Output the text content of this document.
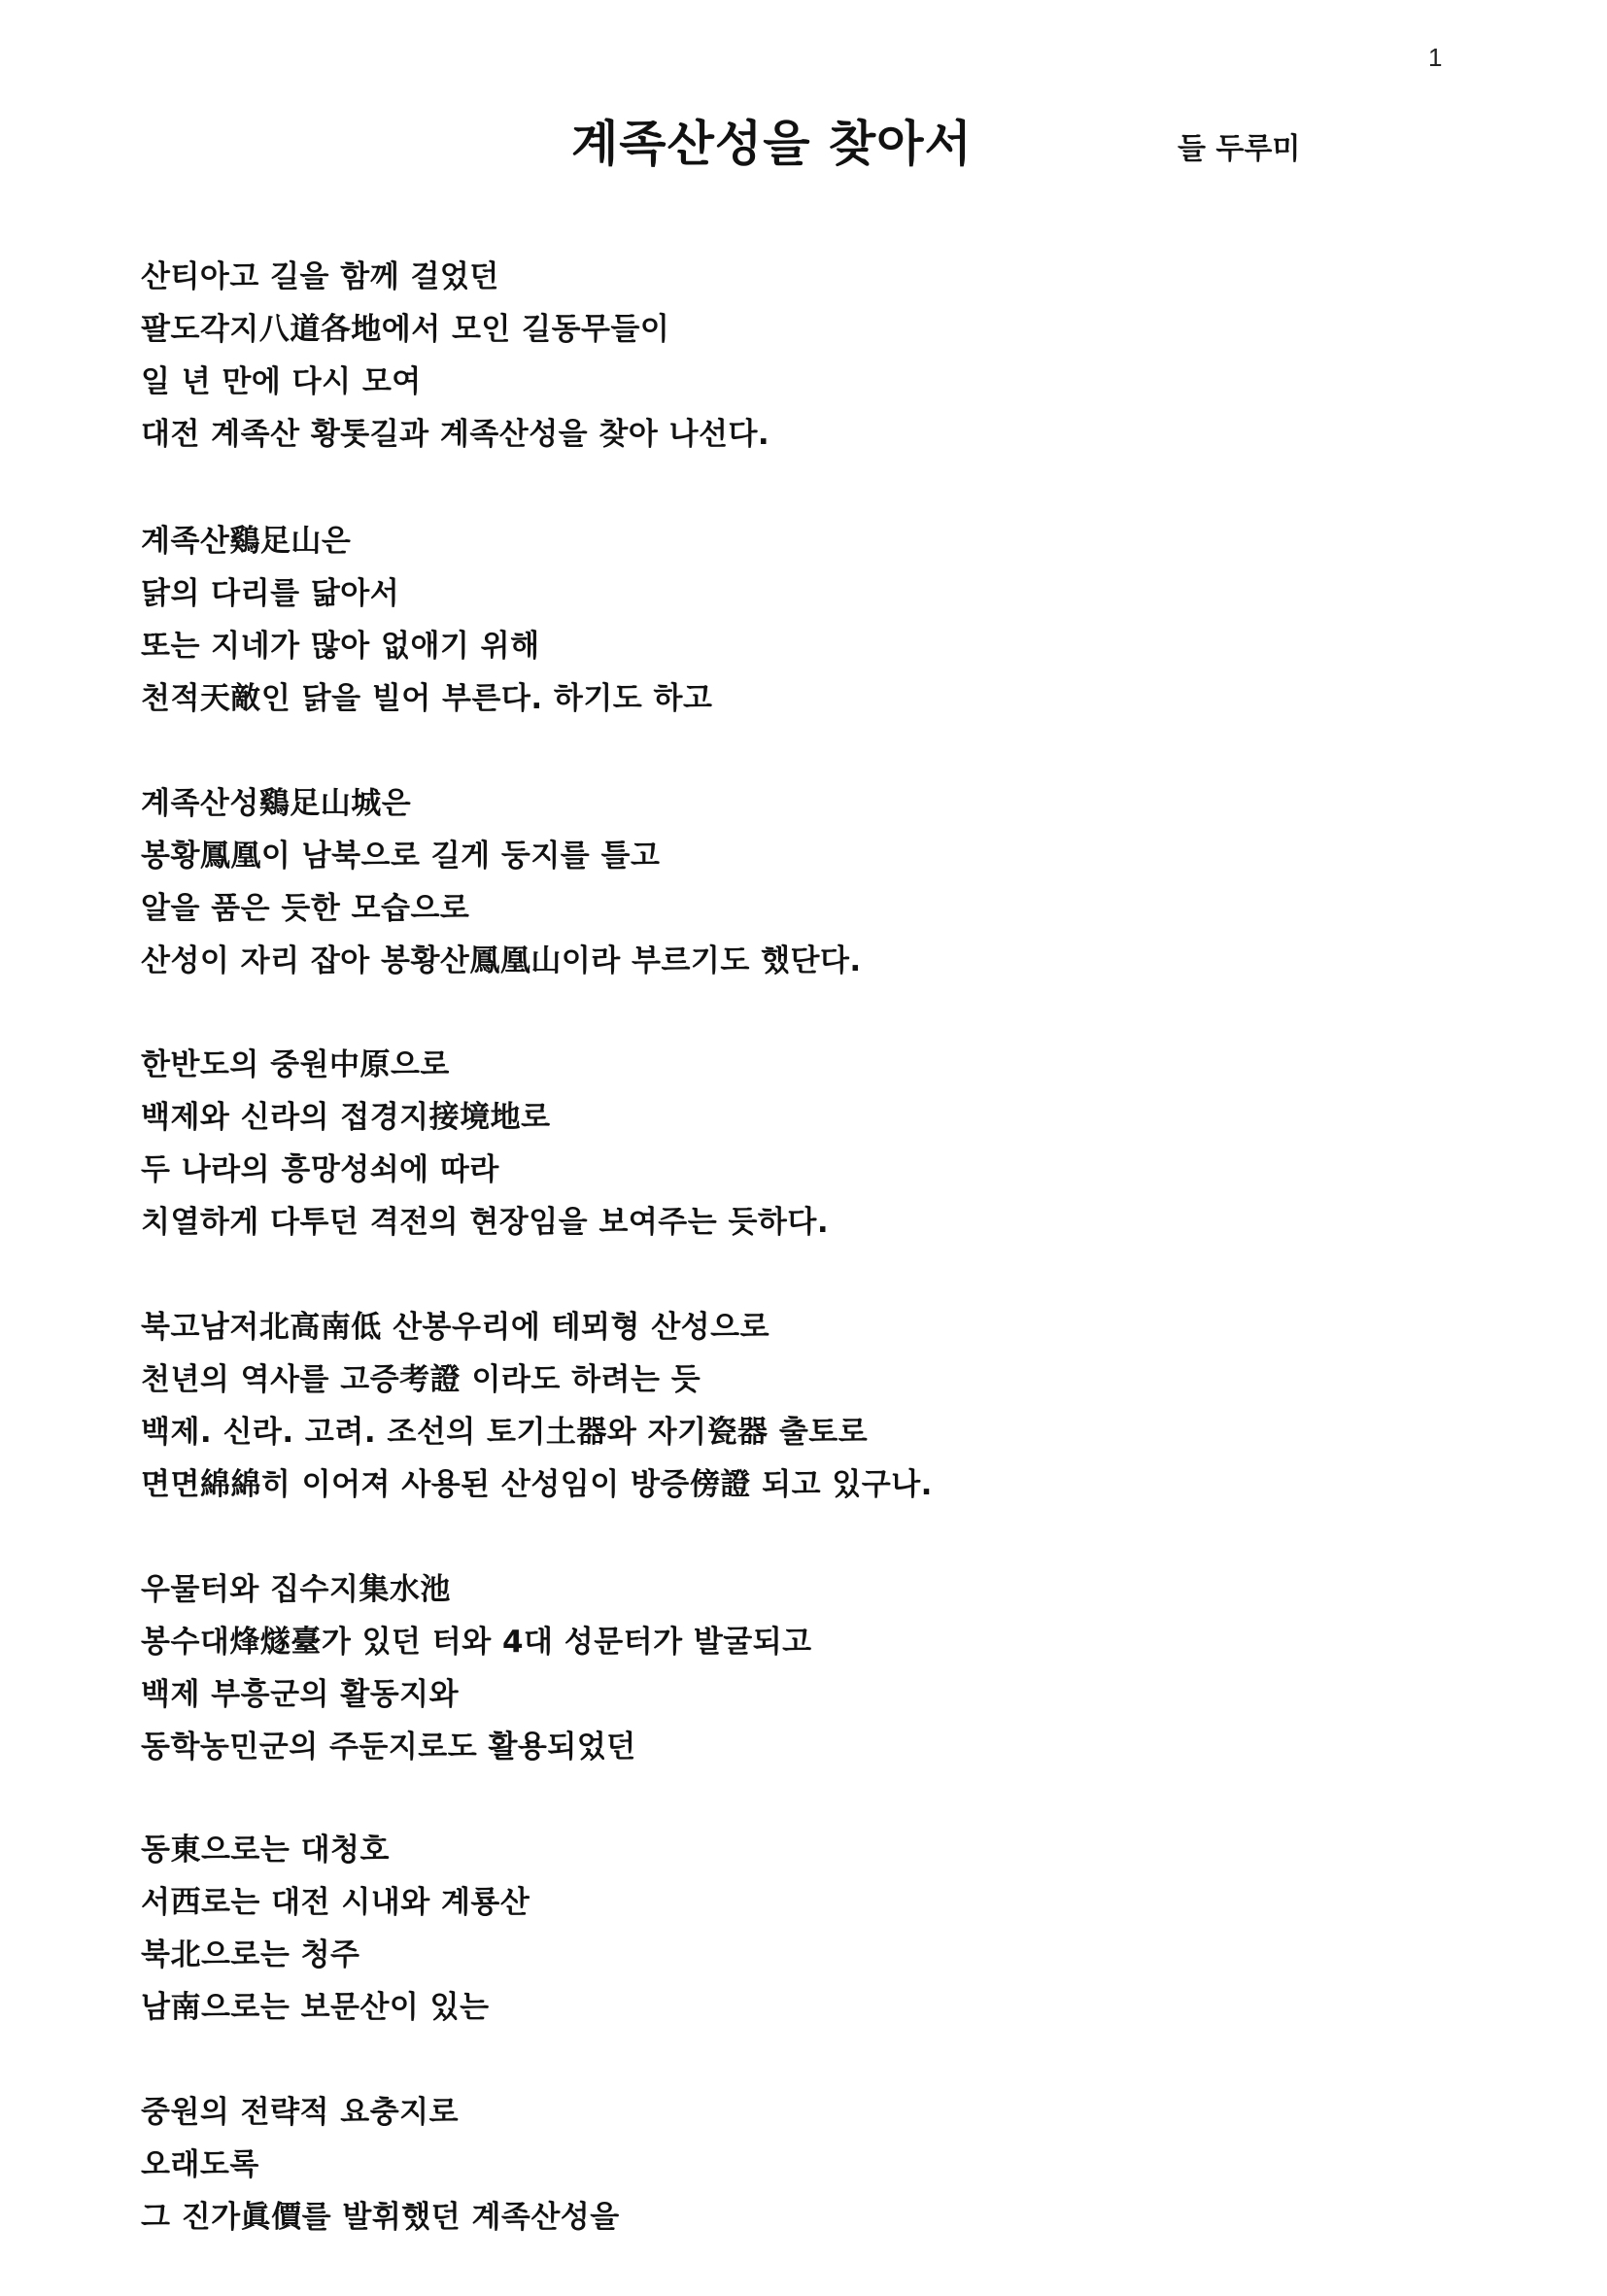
1
계족산성을 찾아서	들 두루미
산티아고 길을 함께 걸었던
팔도각지八道各地에서 모인 길동무들이
일 년 만에 다시 모여
대전 계족산 황톳길과 계족산성을 찾아 나선다.
계족산鷄足山은
닭의 다리를 닮아서
또는 지네가 많아 없애기 위해
천적天敵인 닭을 빌어 부른다. 하기도 하고
계족산성鷄足山城은
봉황鳳凰이 남북으로 길게 둥지를 틀고
알을 품은 듯한 모습으로
산성이 자리 잡아 봉황산鳳凰山이라 부르기도 했단다.
한반도의 중원中原으로
백제와 신라의 접경지接境地로
두 나라의 흥망성쇠에 따라
치열하게 다투던 격전의 현장임을 보여주는 듯하다.
북고남저北高南低 산봉우리에 테뫼형 산성으로
천년의 역사를 고증考證 이라도 하려는 듯
백제. 신라. 고려. 조선의 토기土器와 자기瓷器 출토로
면면綿綿히 이어져 사용된 산성임이 방증傍證 되고 있구나.
우물터와 집수지集水池
봉수대烽燧臺가 있던 터와 4대 성문터가 발굴되고
백제 부흥군의 활동지와
동학농민군의 주둔지로도 활용되었던
동東으로는 대청호
서西로는 대전 시내와 계룡산
북北으로는 청주
남南으로는 보문산이 있는
중원의 전략적 요충지로
오래도록
그 진가眞價를 발휘했던 계족산성을
